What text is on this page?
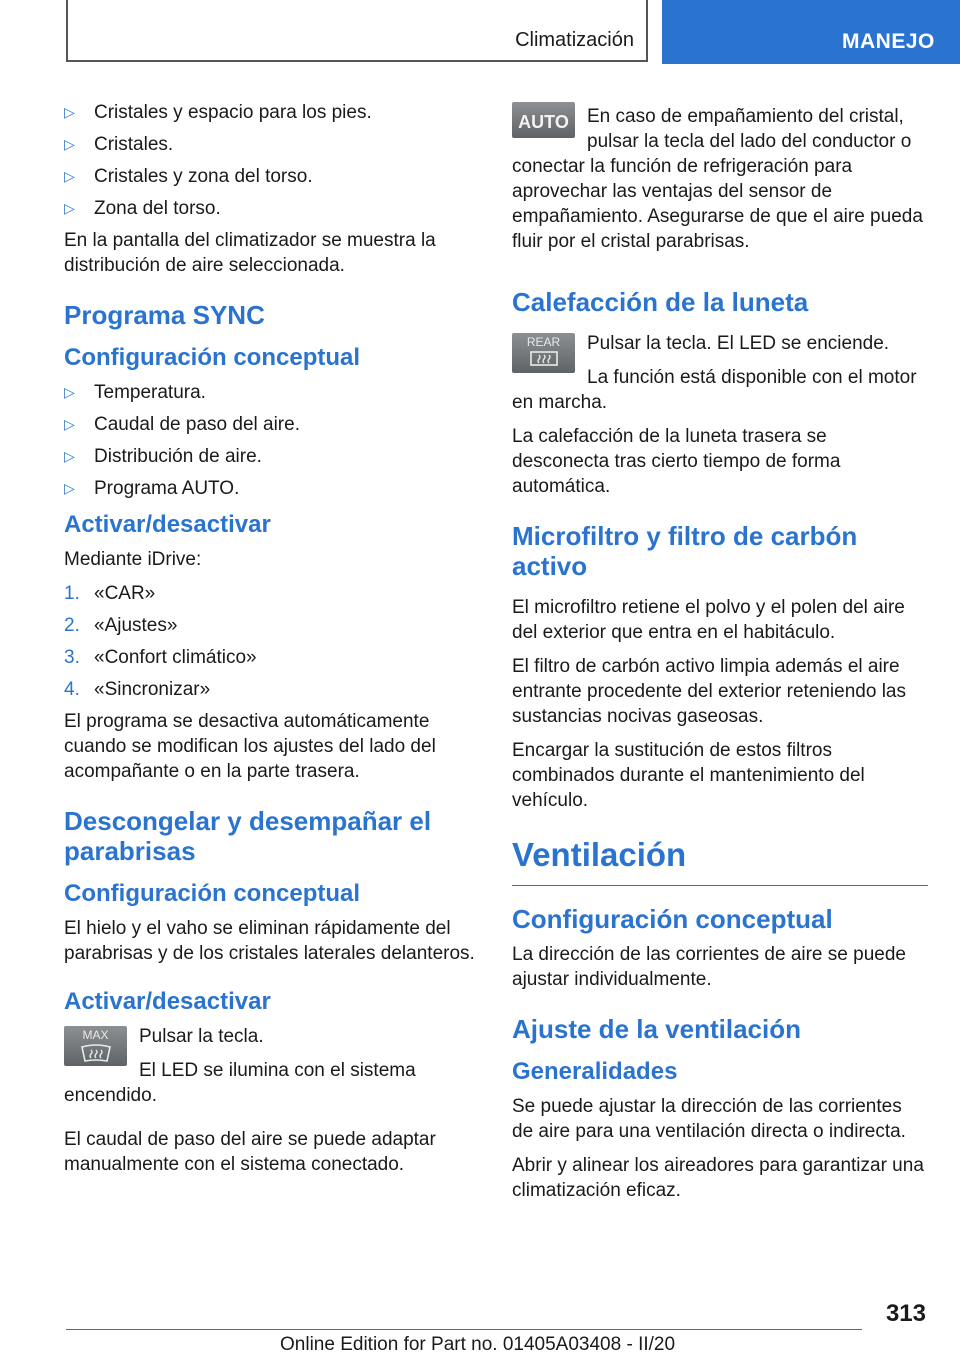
Climatización	MANEJO
▷ Cristales y espacio para los pies.
▷ Cristales.
▷ Cristales y zona del torso.
▷ Zona del torso.

En la pantalla del climatizador se muestra la distribución de aire seleccionada.

Programa SYNC
Configuración conceptual
▷ Temperatura.
▷ Caudal de paso del aire.
▷ Distribución de aire.
▷ Programa AUTO.
Activar/desactivar

Mediante iDrive:

1. «CAR»
2. «Ajustes»
3. «Confort climático»
4. «Sincronizar»

El programa se desactiva automáticamente cuando se modifican los ajustes del lado del acompañante o en la parte trasera.

Descongelar y desempañar el parabrisas
Configuración conceptual

El hielo y el vaho se eliminan rápidamente del parabrisas y de los cristales laterales delanteros.

Activar/desactivar
MAX	Pulsar la tecla.

El LED se ilumina con el sistema encendido.

El caudal de paso del aire se puede adaptar manualmente con el sistema conectado.

AUTO En caso de empañamiento del cristal, pulsar la tecla del lado del conductor o conectar la función de refrigeración para aprovechar las ventajas del sensor de empañamiento. Asegurarse de que el aire pueda fluir por el cristal parabrisas.

Calefacción de la luneta
REAR	Pulsar la tecla. El LED se enciende.

La función está disponible con el motor en marcha.

La calefacción de la luneta trasera se desconecta tras cierto tiempo de forma automática.

Microfiltro y filtro de carbón activo

El microfiltro retiene el polvo y el polen del aire del exterior que entra en el habitáculo.

El filtro de carbón activo limpia además el aire entrante procedente del exterior reteniendo las sustancias nocivas gaseosas.

Encargar la sustitución de estos filtros combinados durante el mantenimiento del vehículo.

Ventilación
Configuración conceptual

La dirección de las corrientes de aire se puede ajustar individualmente.

Ajuste de la ventilación
Generalidades

Se puede ajustar la dirección de las corrientes de aire para una ventilación directa o indirecta.

Abrir y alinear los aireadores para garantizar una climatización eficaz.

313
Online Edition for Part no. 01405A03408 - II/20
